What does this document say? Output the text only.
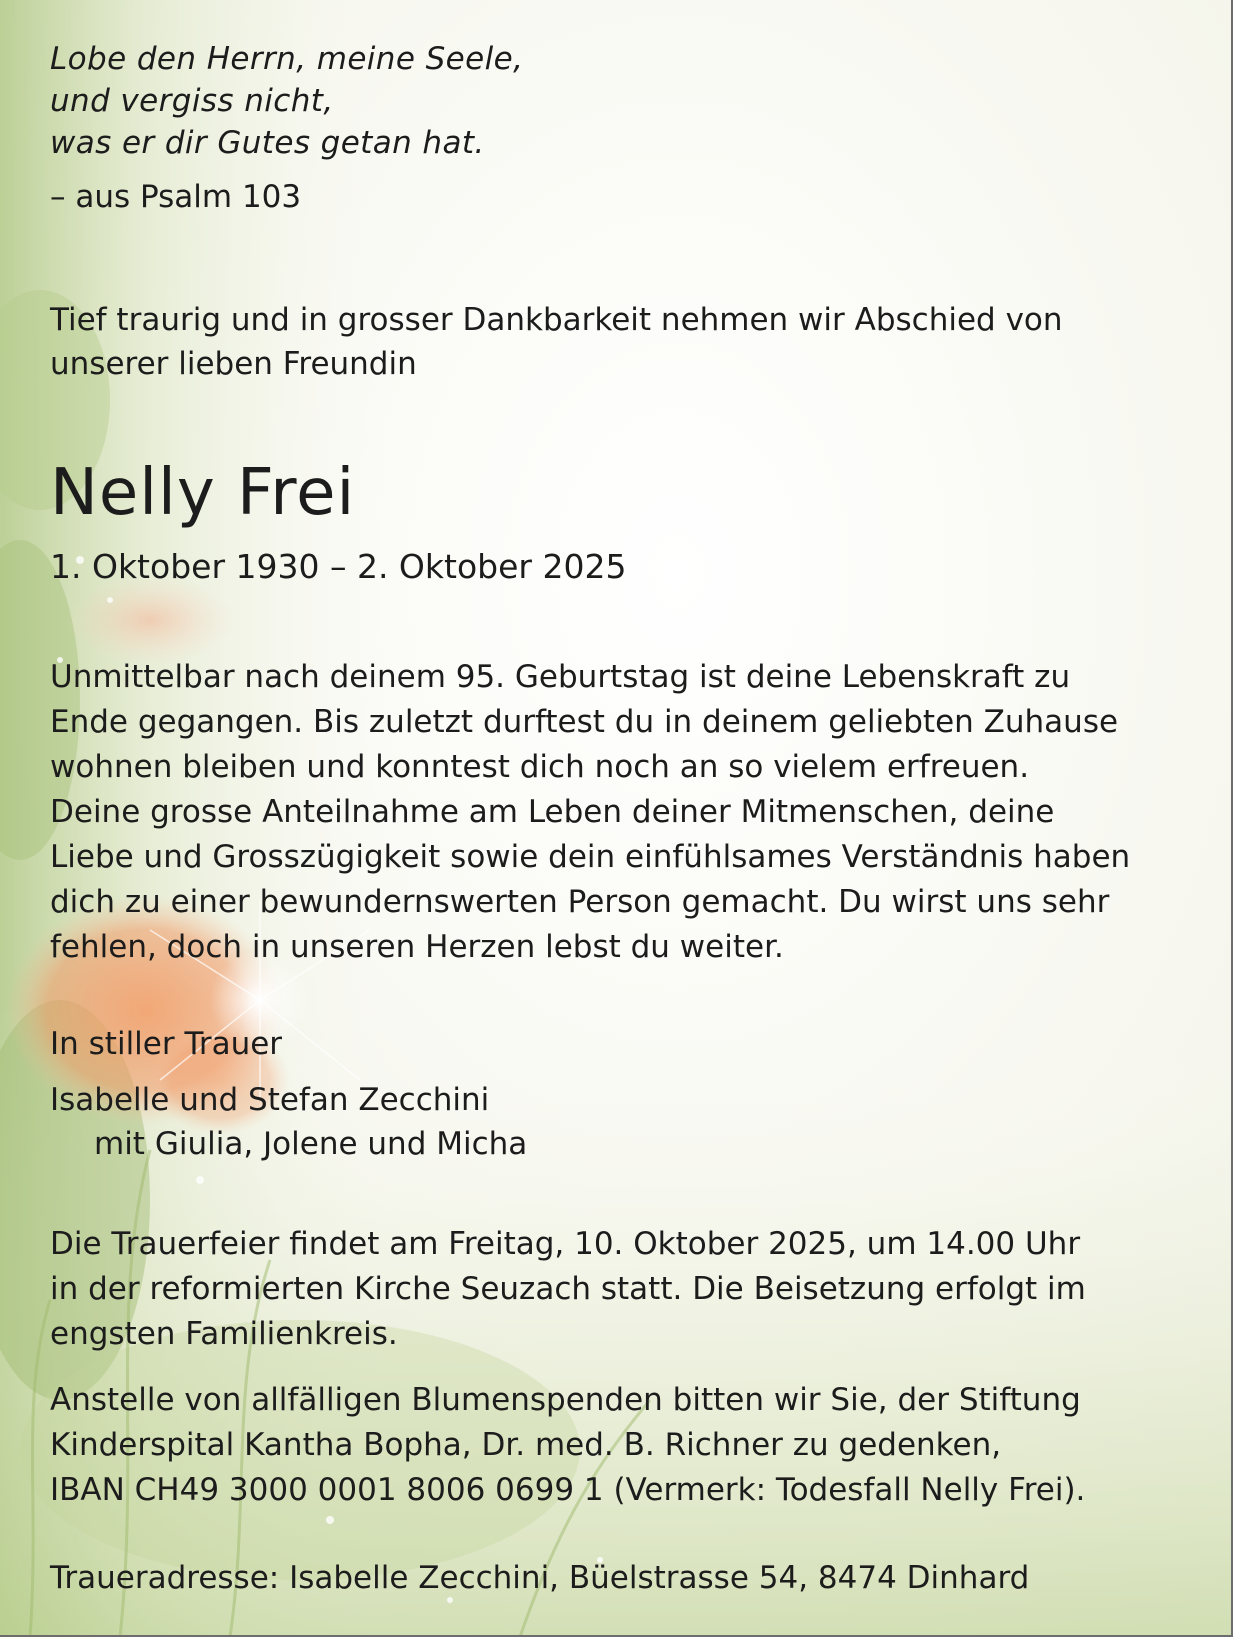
Lobe den Herrn, meine Seele,
und vergiss nicht,
was er dir Gutes getan hat.
– aus Psalm 103
Tief traurig und in grosser Dankbarkeit nehmen wir Abschied von
unserer lieben Freundin
Nelly Frei
1. Oktober 1930 – 2. Oktober 2025
Unmittelbar nach deinem 95. Geburtstag ist deine Lebenskraft zu
Ende gegangen. Bis zuletzt durftest du in deinem geliebten Zuhause
wohnen bleiben und konntest dich noch an so vielem erfreuen.
Deine grosse Anteilnahme am Leben deiner Mitmenschen, deine
Liebe und Grosszügigkeit sowie dein einfühlsames Verständnis haben
dich zu einer bewundernswerten Person gemacht. Du wirst uns sehr
fehlen, doch in unseren Herzen lebst du weiter.
In stiller Trauer
Isabelle und Stefan Zecchini
mit Giulia, Jolene und Micha
Die Trauerfeier findet am Freitag, 10. Oktober 2025, um 14.00 Uhr
in der reformierten Kirche Seuzach statt. Die Beisetzung erfolgt im
engsten Familienkreis.
Anstelle von allfälligen Blumenspenden bitten wir Sie, der Stiftung
Kinderspital Kantha Bopha, Dr. med. B. Richner zu gedenken,
IBAN CH49 3000 0001 8006 0699 1 (Vermerk: Todesfall Nelly Frei).
Traueradresse: Isabelle Zecchini, Büelstrasse 54, 8474 Dinhard
